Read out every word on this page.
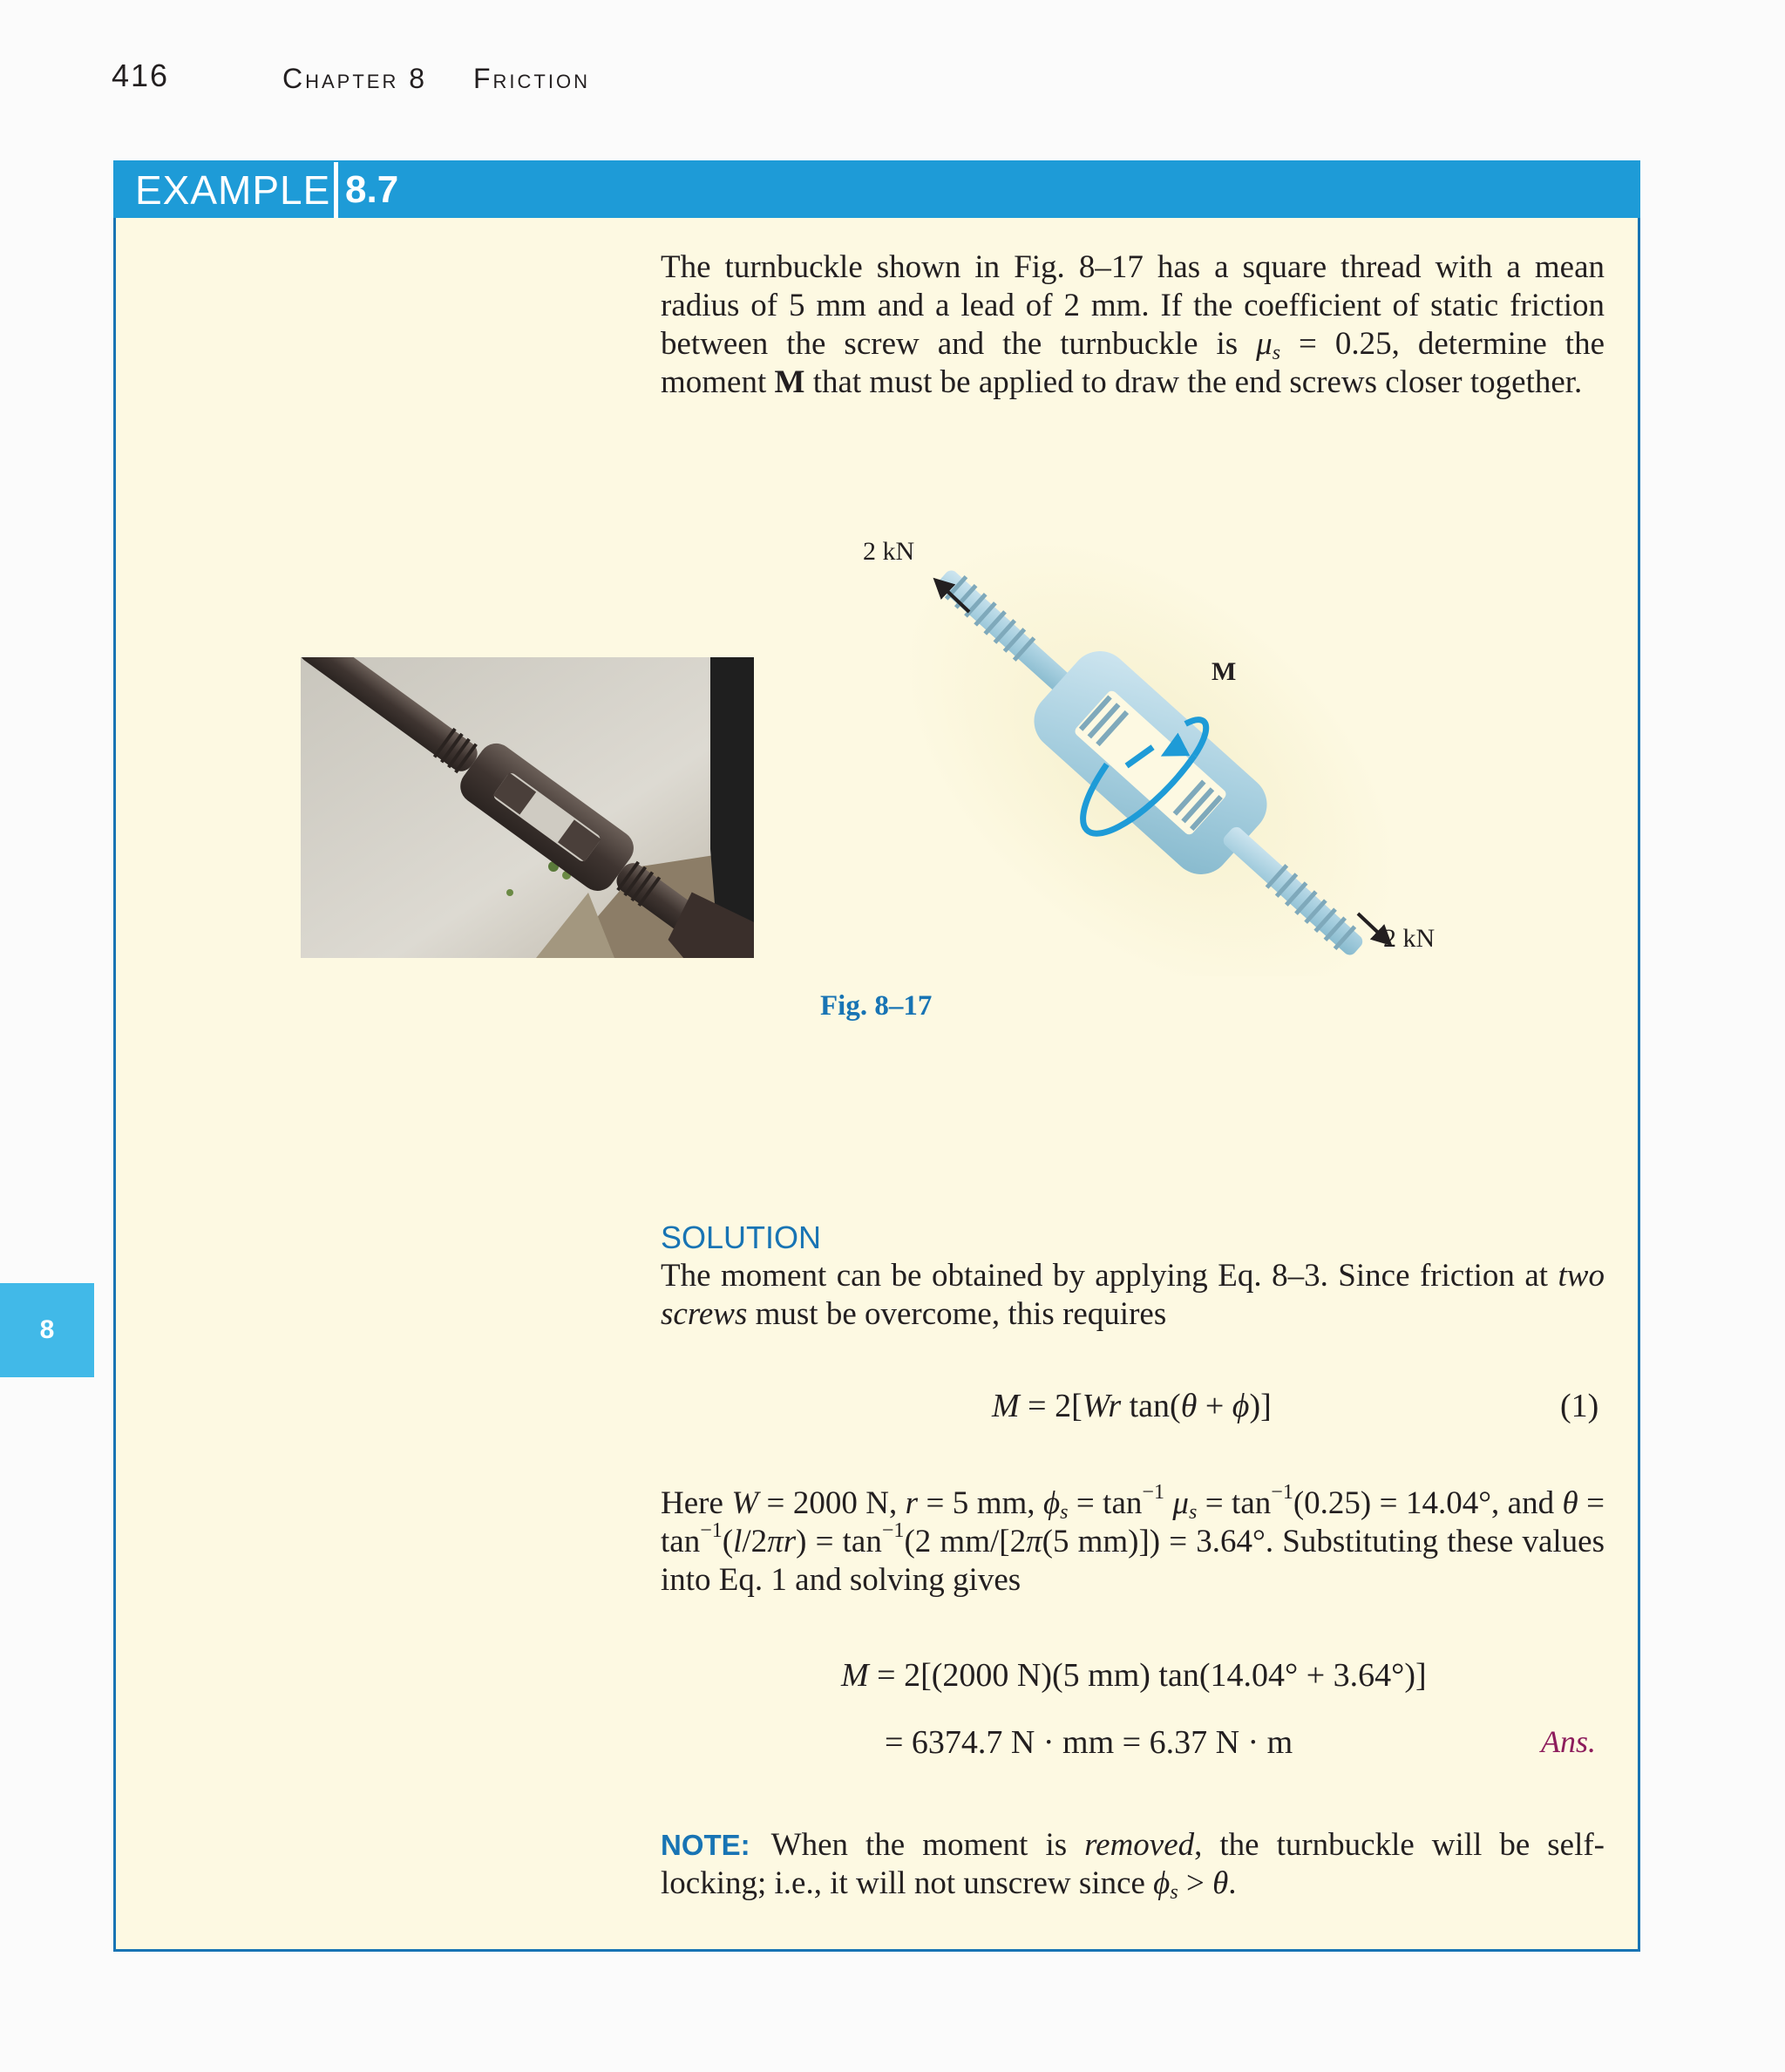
416	Chapter 8 Friction
8
EXAMPLE 8.7
The turnbuckle shown in Fig. 8–17 has a square thread with a mean radius of 5 mm and a lead of 2 mm. If the coefficient of static friction between the screw and the turnbuckle is $\mu_s = 0.25$, determine the moment M that must be applied to draw the end screws closer together.
2 kN
2 kN
M
Fig. 8–17
SOLUTION
The moment can be obtained by applying Eq. 8–3. Since friction at two screws must be overcome, this requires
M = 2[Wr tan(θ + ϕ)]	(1)
Here W = 2000 N, r = 5 mm, $\phi_s = \tan^{-1} \mu_s = \tan^{-1}(0.25) = 14.04^\circ$, and $\theta = \tan^{-1}(l/2\pi r) = \tan^{-1}(2$ mm/[2π(5 mm)]) = 3.64°. Substituting these values into Eq. 1 and solving gives
M = 2[(2000 N)(5 mm) tan(14.04° + 3.64°)]
= 6374.7 N · mm = 6.37 N · m	Ans.
NOTE: When the moment is removed, the turnbuckle will be self-locking; i.e., it will not unscrew since $\phi_s > \theta$.
